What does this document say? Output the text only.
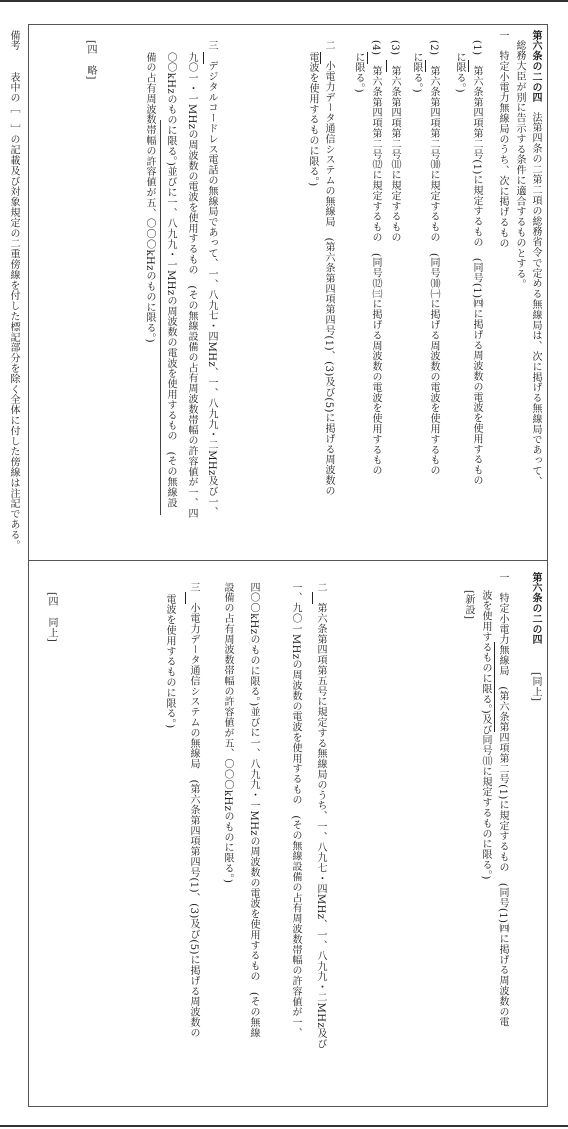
第六条の二の四
法第四条の二第二項の総務省令で定める無線局は、次に掲げる無線局であって、
総務大臣が別に告示する条件に適合するものとする。
一　特定小電力無線局のうち、次に掲げるもの
(1)　第六条第四項第二号(1)に規定するもの　(同号(1)㈣に掲げる周波数の電波を使用するもの
に限る。)
(2)　第六条第四項第二号⑽に規定するもの　(同号⑽㈠に掲げる周波数の電波を使用するもの
に限る。)
(3)　第六条第四項第二号⑾に規定するもの
(4)　第六条第四項第二号⑿に規定するもの　(同号⑿㈢に掲げる周波数の電波を使用するもの
に限る。)
二　小電力データ通信システムの無線局　(第六条第四項第四号(1)、(3)及び(5)に掲げる周波数の
電波を使用するものに限る。)
三　デジタルコードレス電話の無線局であって、一、八九七・四MHz、一、八九九・二MHz及び一、
九〇一・一MHzの周波数の電波を使用するもの　(その無線設備の占有周波数帯幅の許容値が一、四
〇〇kHzのものに限る。)並びに一、八九九・一MHzの周波数の電波を使用するもの　(その無線設
備の占有周波数帯幅の許容値が五、〇〇〇kHzのものに限る。)
[四　略]
第六条の二の四
[同上]
一　特定小電力無線局　(第六条第四項第二号(1)に規定するもの　(同号(1)㈣に掲げる周波数の電
波を使用するものに限る。)及び同号⑾に規定するものに限る。)
[新設]
二　第六条第四項第五号に規定する無線局のうち、一、八九七・四MHz、一、八九九・二MHz及び
一、九〇一MHzの周波数の電波を使用するもの　(その無線設備の占有周波数帯幅の許容値が一、
四〇〇kHzのものに限る。)並びに一、八九九・一MHzの周波数の電波を使用するもの　(その無線
設備の占有周波数帯幅の許容値が五、〇〇〇kHzのものに限る。)
三　小電力データ通信システムの無線局　(第六条第四項第四号(1)、(3)及び(5)に掲げる周波数の
電波を使用するものに限る。)
[四　同上]
備考
表中の［　］の記載及び対象規定の二重傍線を付した標記部分を除く全体に付した傍線は注記である。
